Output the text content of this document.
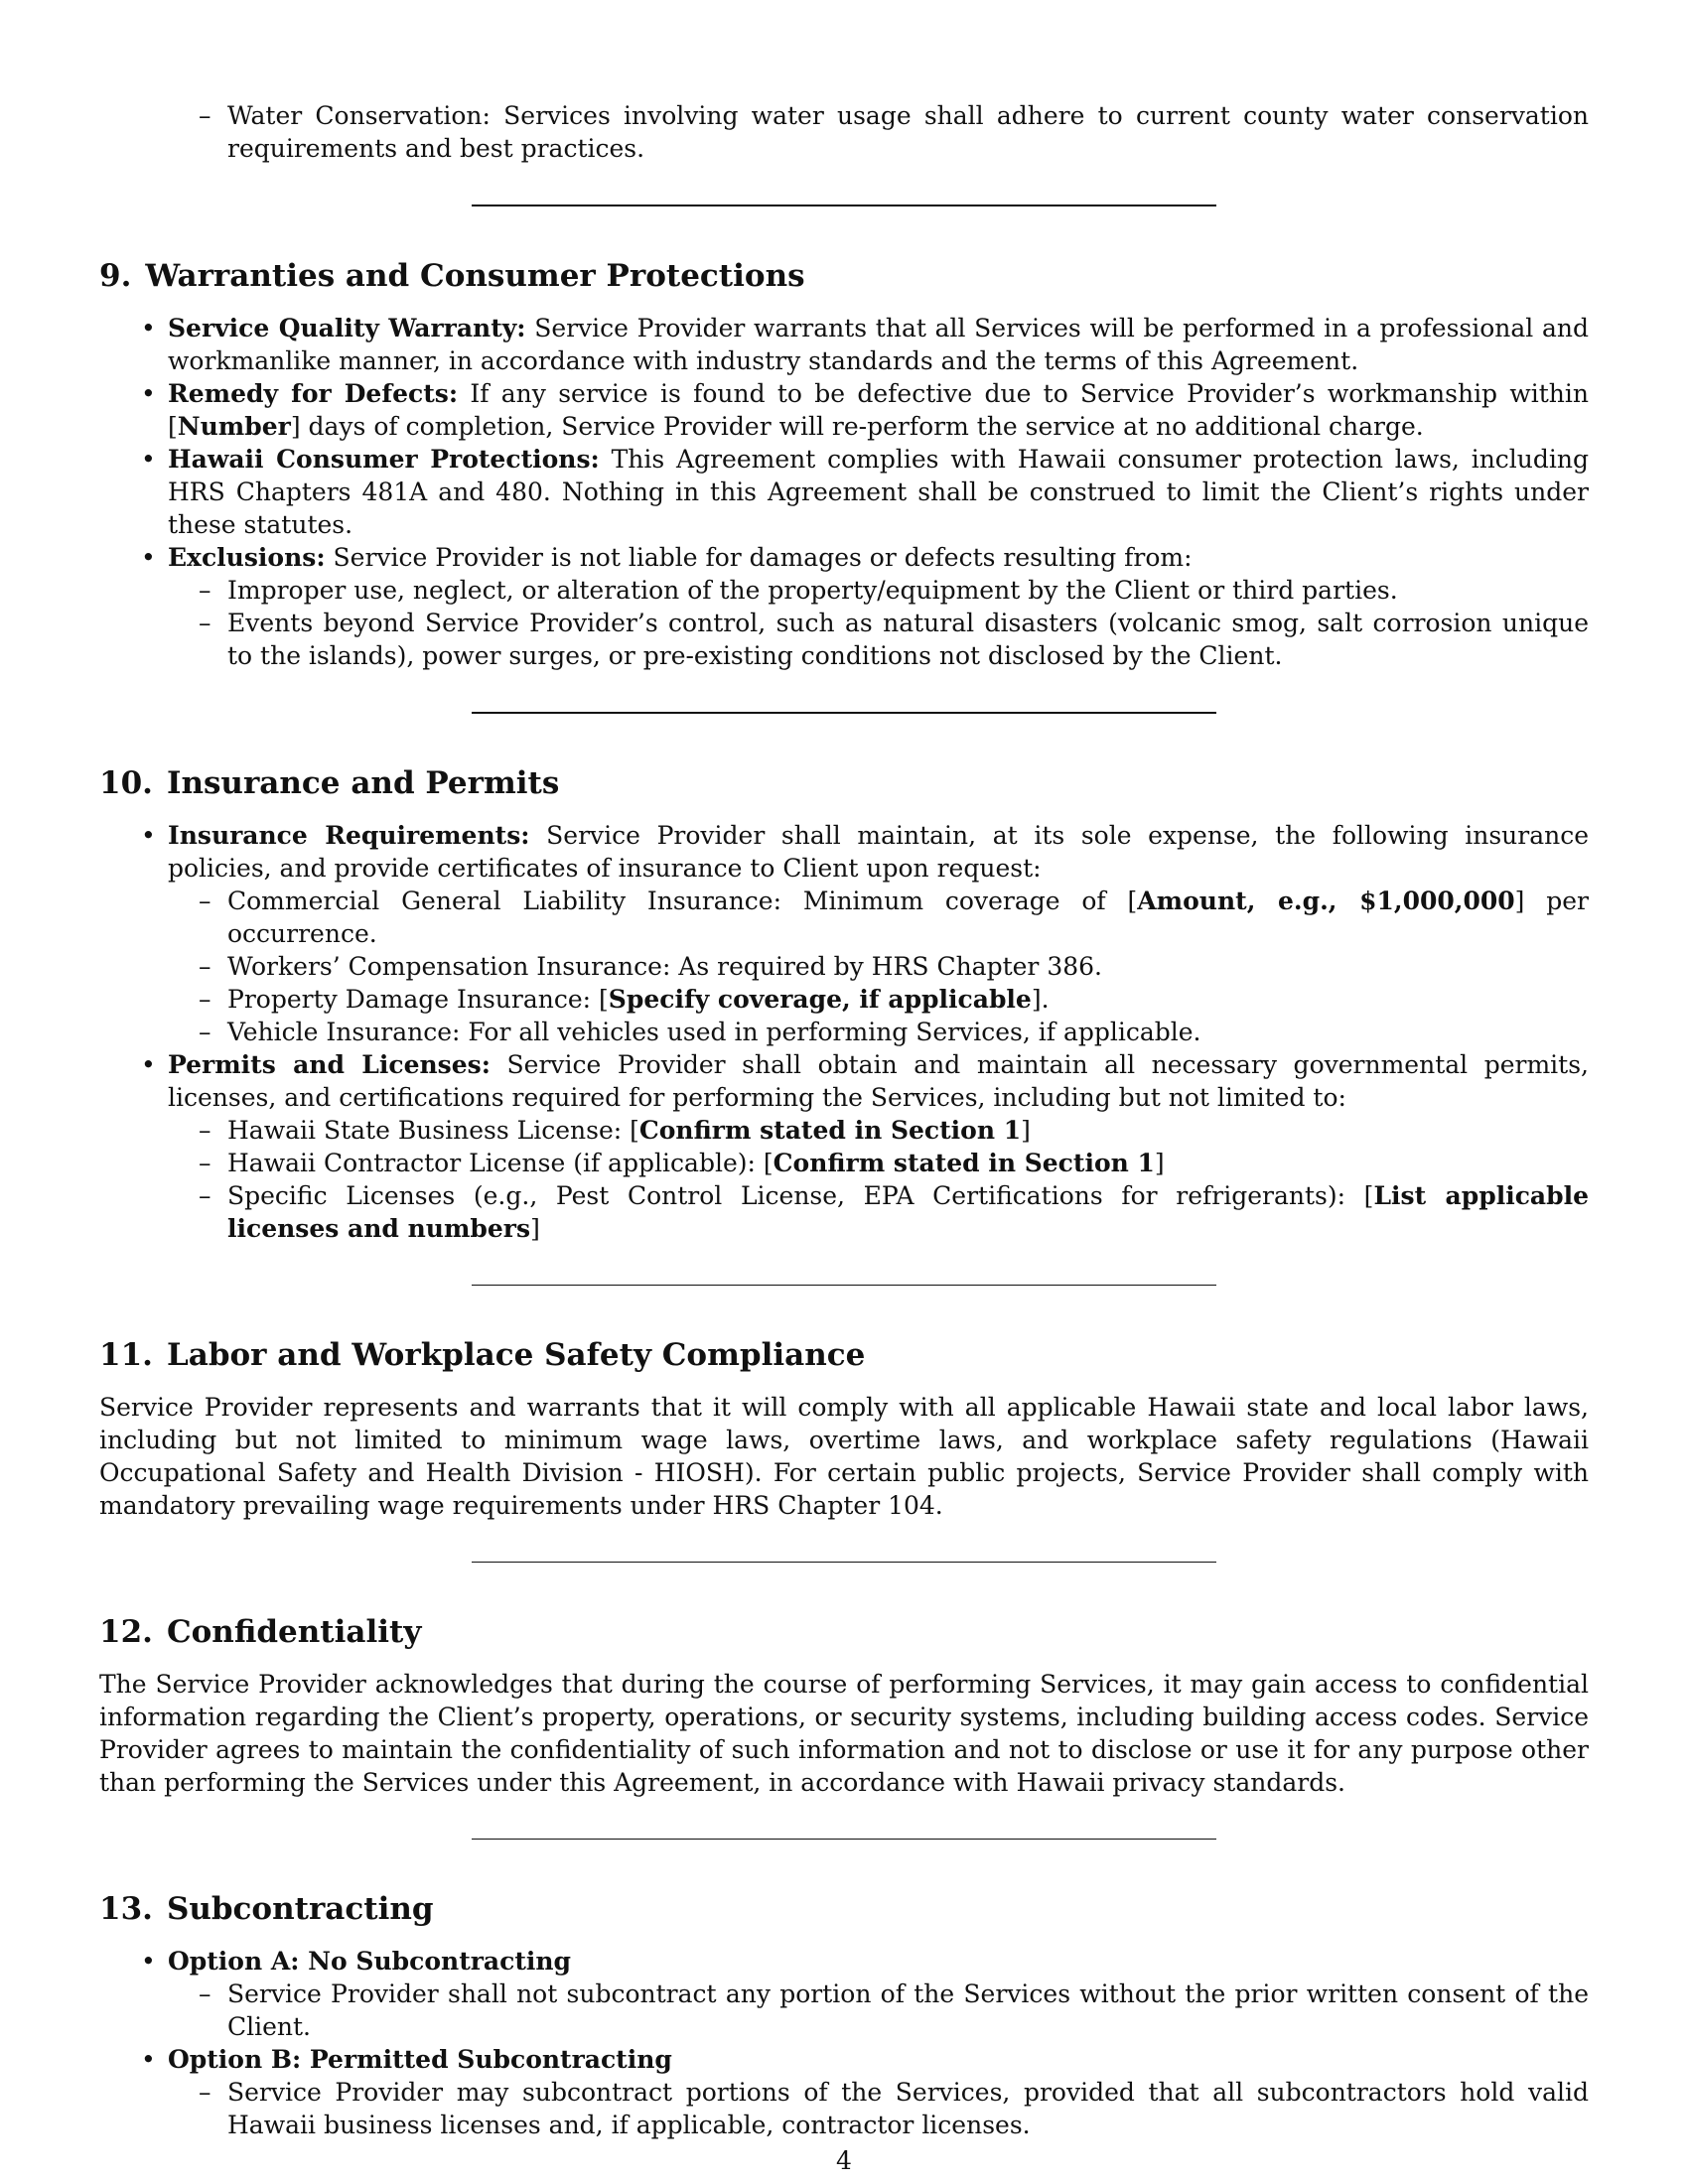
– Water Conservation: Services involving water usage shall adhere to current county water conservation requirements and best practices.
9. Warranties and Consumer Protections
• Service Quality Warranty: Service Provider warrants that all Services will be performed in a professional and workmanlike manner, in accordance with industry standards and the terms of this Agreement.
• Remedy for Defects: If any service is found to be defective due to Service Provider’s workmanship within [Number] days of completion, Service Provider will re-perform the service at no additional charge.
• Hawaii Consumer Protections: This Agreement complies with Hawaii consumer protection laws, including HRS Chapters 481A and 480. Nothing in this Agreement shall be construed to limit the Client’s rights under these statutes.
• Exclusions: Service Provider is not liable for damages or defects resulting from:
– Improper use, neglect, or alteration of the property/equipment by the Client or third parties.
– Events beyond Service Provider’s control, such as natural disasters (volcanic smog, salt corrosion unique to the islands), power surges, or pre-existing conditions not disclosed by the Client.
10. Insurance and Permits
• Insurance Requirements: Service Provider shall maintain, at its sole expense, the following insurance policies, and provide certificates of insurance to Client upon request:
– Commercial General Liability Insurance: Minimum coverage of [Amount, e.g., $1,000,000] per occurrence.
– Workers’ Compensation Insurance: As required by HRS Chapter 386.
– Property Damage Insurance: [Specify coverage, if applicable].
– Vehicle Insurance: For all vehicles used in performing Services, if applicable.
• Permits and Licenses: Service Provider shall obtain and maintain all necessary governmental permits, licenses, and certifications required for performing the Services, including but not limited to:
– Hawaii State Business License: [Confirm stated in Section 1]
– Hawaii Contractor License (if applicable): [Confirm stated in Section 1]
– Specific Licenses (e.g., Pest Control License, EPA Certifications for refrigerants): [List applicable licenses and numbers]
11. Labor and Workplace Safety Compliance

Service Provider represents and warrants that it will comply with all applicable Hawaii state and local labor laws, including but not limited to minimum wage laws, overtime laws, and workplace safety regulations (Hawaii Occupational Safety and Health Division - HIOSH). For certain public projects, Service Provider shall comply with mandatory prevailing wage requirements under HRS Chapter 104.

12. Confidentiality

The Service Provider acknowledges that during the course of performing Services, it may gain access to confidential information regarding the Client’s property, operations, or security systems, including building access codes. Service Provider agrees to maintain the confidentiality of such information and not to disclose or use it for any purpose other than performing the Services under this Agreement, in accordance with Hawaii privacy standards.

13. Subcontracting
• Option A: No Subcontracting
– Service Provider shall not subcontract any portion of the Services without the prior written consent of the Client.
• Option B: Permitted Subcontracting
– Service Provider may subcontract portions of the Services, provided that all subcontractors hold valid Hawaii business licenses and, if applicable, contractor licenses.
4
